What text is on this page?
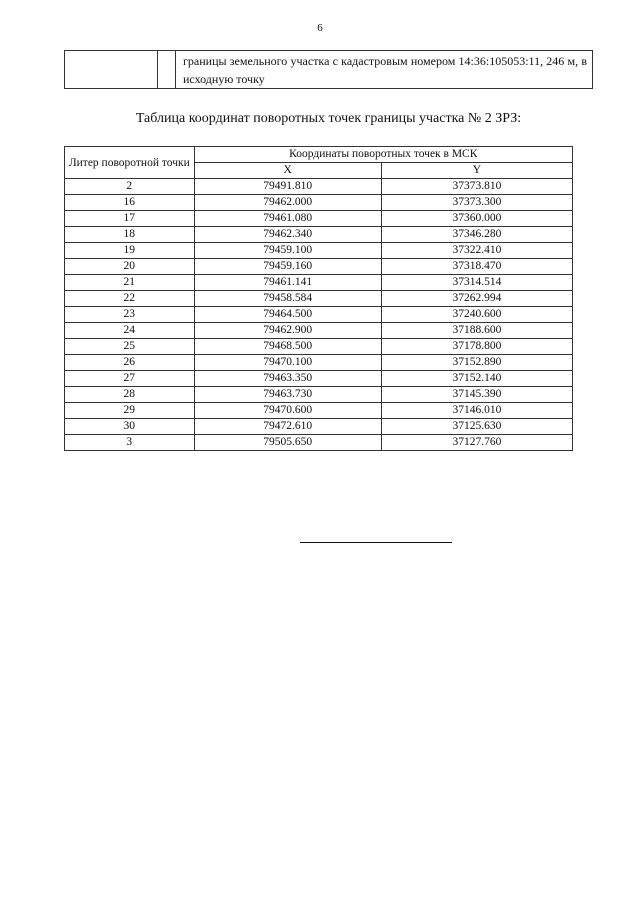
6

границы земельного участка с кадастровым номером 14:36:105053:11, 246 м, в исходную точку
Таблица координат поворотных точек границы участка № 2 ЗРЗ:
Литер поворотной точки	Координаты поворотных точек в МСК	
	X	Y
2	79491.810	37373.810
16	79462.000	37373.300
17	79461.080	37360.000
18	79462.340	37346.280
19	79459.100	37322.410
20	79459.160	37318.470
21	79461.141	37314.514
22	79458.584	37262.994
23	79464.500	37240.600
24	79462.900	37188.600
25	79468.500	37178.800
26	79470.100	37152.890
27	79463.350	37152.140
28	79463.730	37145.390
29	79470.600	37146.010
30	79472.610	37125.630
3	79505.650	37127.760
